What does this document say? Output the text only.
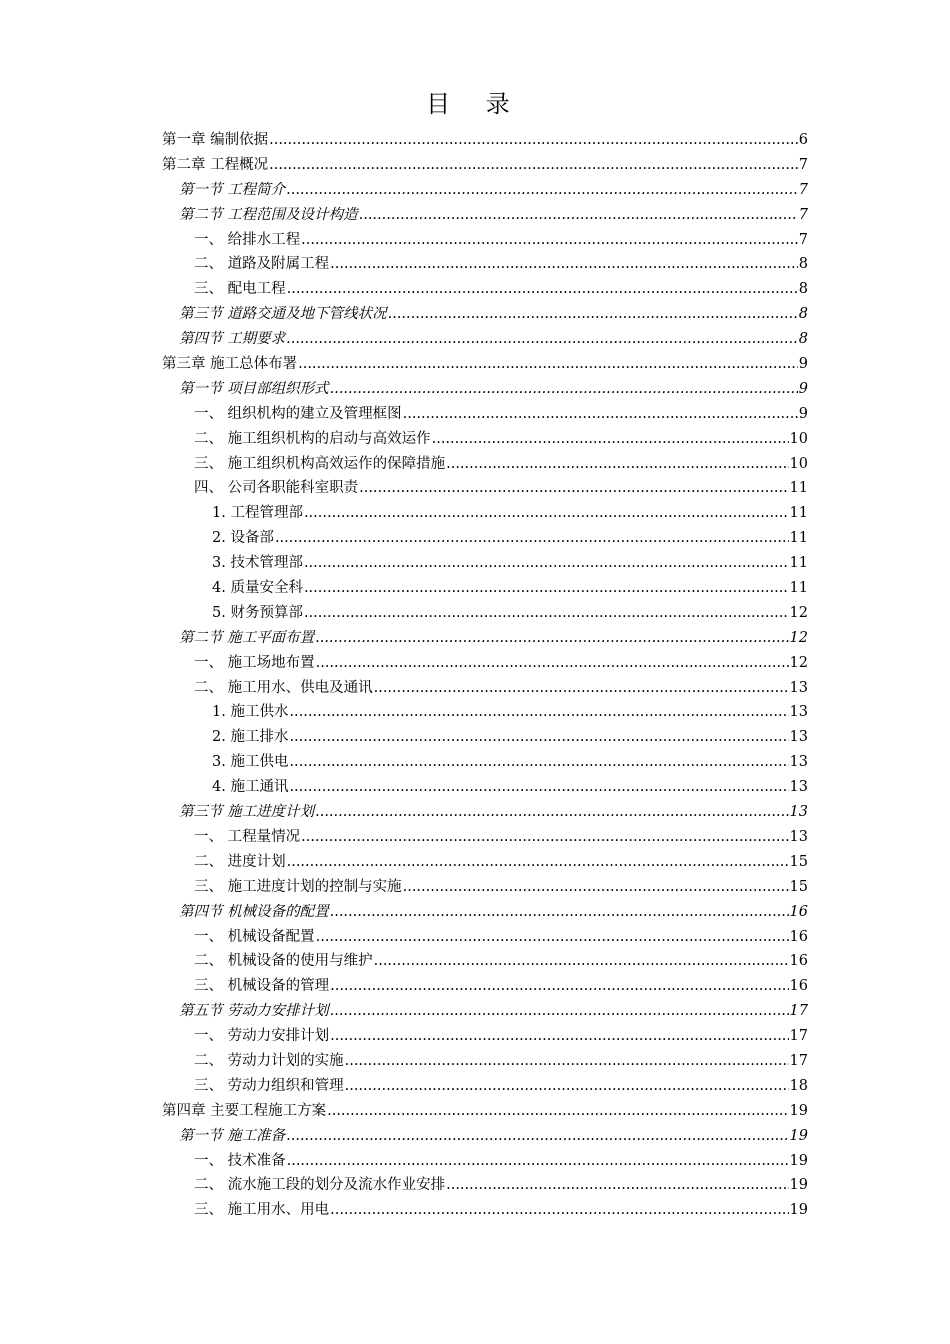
目 录
第一章 编制依据 .....	6
第二章 工程概况 .....	7
第一节 工程简介 .....	7
第二节 工程范围及设计构造 .....	7
一、 给排水工程 .....	7
二、 道路及附属工程 .....	8
三、 配电工程 .....	8
第三节 道路交通及地下管线状况 .....	8
第四节 工期要求 .....	8
第三章 施工总体布署 .....	9
第一节 项目部组织形式 .....	9
一、 组织机构的建立及管理框图 .....	9
二、 施工组织机构的启动与高效运作 .....	10
三、 施工组织机构高效运作的保障措施 .....	10
四、 公司各职能科室职责 .....	11
1. 工程管理部 .....	11
2. 设备部 .....	11
3. 技术管理部 .....	11
4. 质量安全科 .....	11
5. 财务预算部 .....	12
第二节 施工平面布置 .....	12
一、 施工场地布置 .....	12
二、 施工用水、供电及通讯 .....	13
1. 施工供水 .....	13
2. 施工排水 .....	13
3. 施工供电 .....	13
4. 施工通讯 .....	13
第三节 施工进度计划 .....	13
一、 工程量情况 .....	13
二、 进度计划 .....	15
三、 施工进度计划的控制与实施 .....	15
第四节 机械设备的配置 .....	16
一、 机械设备配置 .....	16
二、 机械设备的使用与维护 .....	16
三、 机械设备的管理 .....	16
第五节 劳动力安排计划 .....	17
一、 劳动力安排计划 .....	17
二、 劳动力计划的实施 .....	17
三、 劳动力组织和管理 .....	18
第四章 主要工程施工方案 .....	19
第一节 施工准备 .....	19
一、 技术准备 .....	19
二、 流水施工段的划分及流水作业安排 .....	19
三、 施工用水、用电 .....	19
